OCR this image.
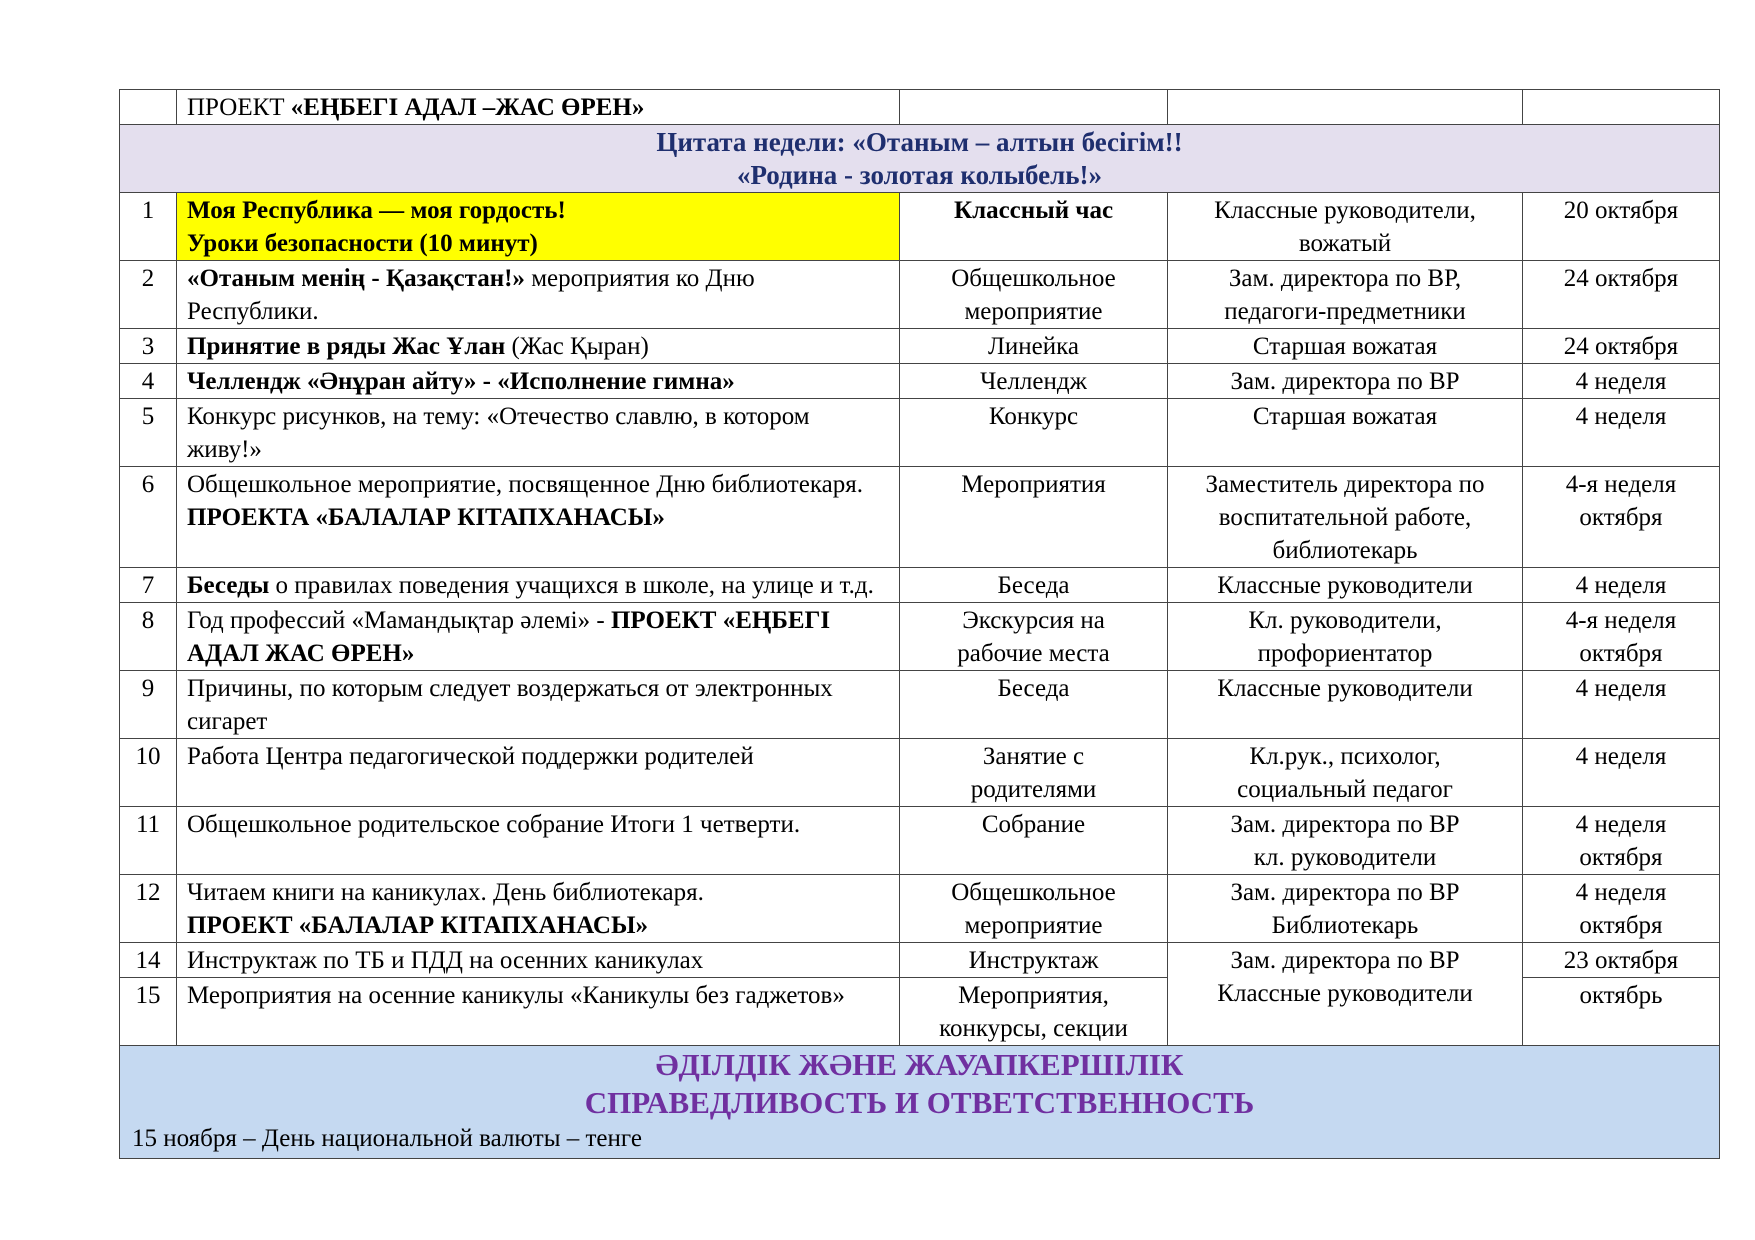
	ПРОЕКТ «ЕҢБЕГІ АДАЛ –ЖАС ӨРЕН»			

Цитата недели: «Отаным – алтын бесігім!!
«Родина - золотая колыбель!»				

1	Моя Республика — моя гордость!
Уроки безопасности (10 минут)	Классный час	Классные руководители,
вожатый	20 октября

2	«Отаным менің - Қазақстан!» мероприятия ко Дню Республики.	Общешкольное
мероприятие	Зам. директора по ВР,
педагоги-предметники	24 октября

3	Принятие в ряды Жас Ұлан (Жас Қыран)	Линейка	Старшая вожатая	24 октября

4	Челлендж «Әнұран айту» - «Исполнение гимна»	Челлендж	Зам. директора по ВР	4 неделя

5	Конкурс рисунков, на тему: «Отечество славлю, в котором живу!»	Конкурс	Старшая вожатая	4 неделя

6	Общешкольное мероприятие, посвященное Дню библиотекаря. ПРОЕКТА «БАЛАЛАР КІТАПХАНАСЫ»	Мероприятия	Заместитель директора по
воспитательной работе,
библиотекарь	4-я неделя
октября

7	Беседы о правилах поведения учащихся в школе, на улице и т.д.	Беседа	Классные руководители	4 неделя

8	Год профессий «Мамандықтар әлемі» - ПРОЕКТ «ЕҢБЕГІ АДАЛ ЖАС ӨРЕН»	Экскурсия на
рабочие места	Кл. руководители,
профориентатор	4-я неделя
октября

9	Причины, по которым следует воздержаться от электронных сигарет	Беседа	Классные руководители	4 неделя

10	Работа Центра педагогической поддержки родителей	Занятие с
родителями	Кл.рук., психолог,
социальный педагог	4 неделя

11	Общешкольное родительское собрание Итоги 1 четверти.	Собрание	Зам. директора по ВР
кл. руководители	4 неделя
октября

12	Читаем книги на каникулах. День библиотекаря.
ПРОЕКТ «БАЛАЛАР КІТАПХАНАСЫ»	Общешкольное
мероприятие	Зам. директора по ВР
Библиотекарь	4 неделя
октября

14	Инструктаж по ТБ и ПДД на осенних каникулах	Инструктаж	Зам. директора по ВР
Классные руководители	23 октября
15	Мероприятия на осенние каникулы «Каникулы без гаджетов»	Мероприятия,
конкурсы, секции		октябрь

ӘДІЛДІК ЖӘНЕ ЖАУАПКЕРШІЛІК
СПРАВЕДЛИВОСТЬ И ОТВЕТСТВЕННОСТЬ
15 ноября – День национальной валюты – тенге				
